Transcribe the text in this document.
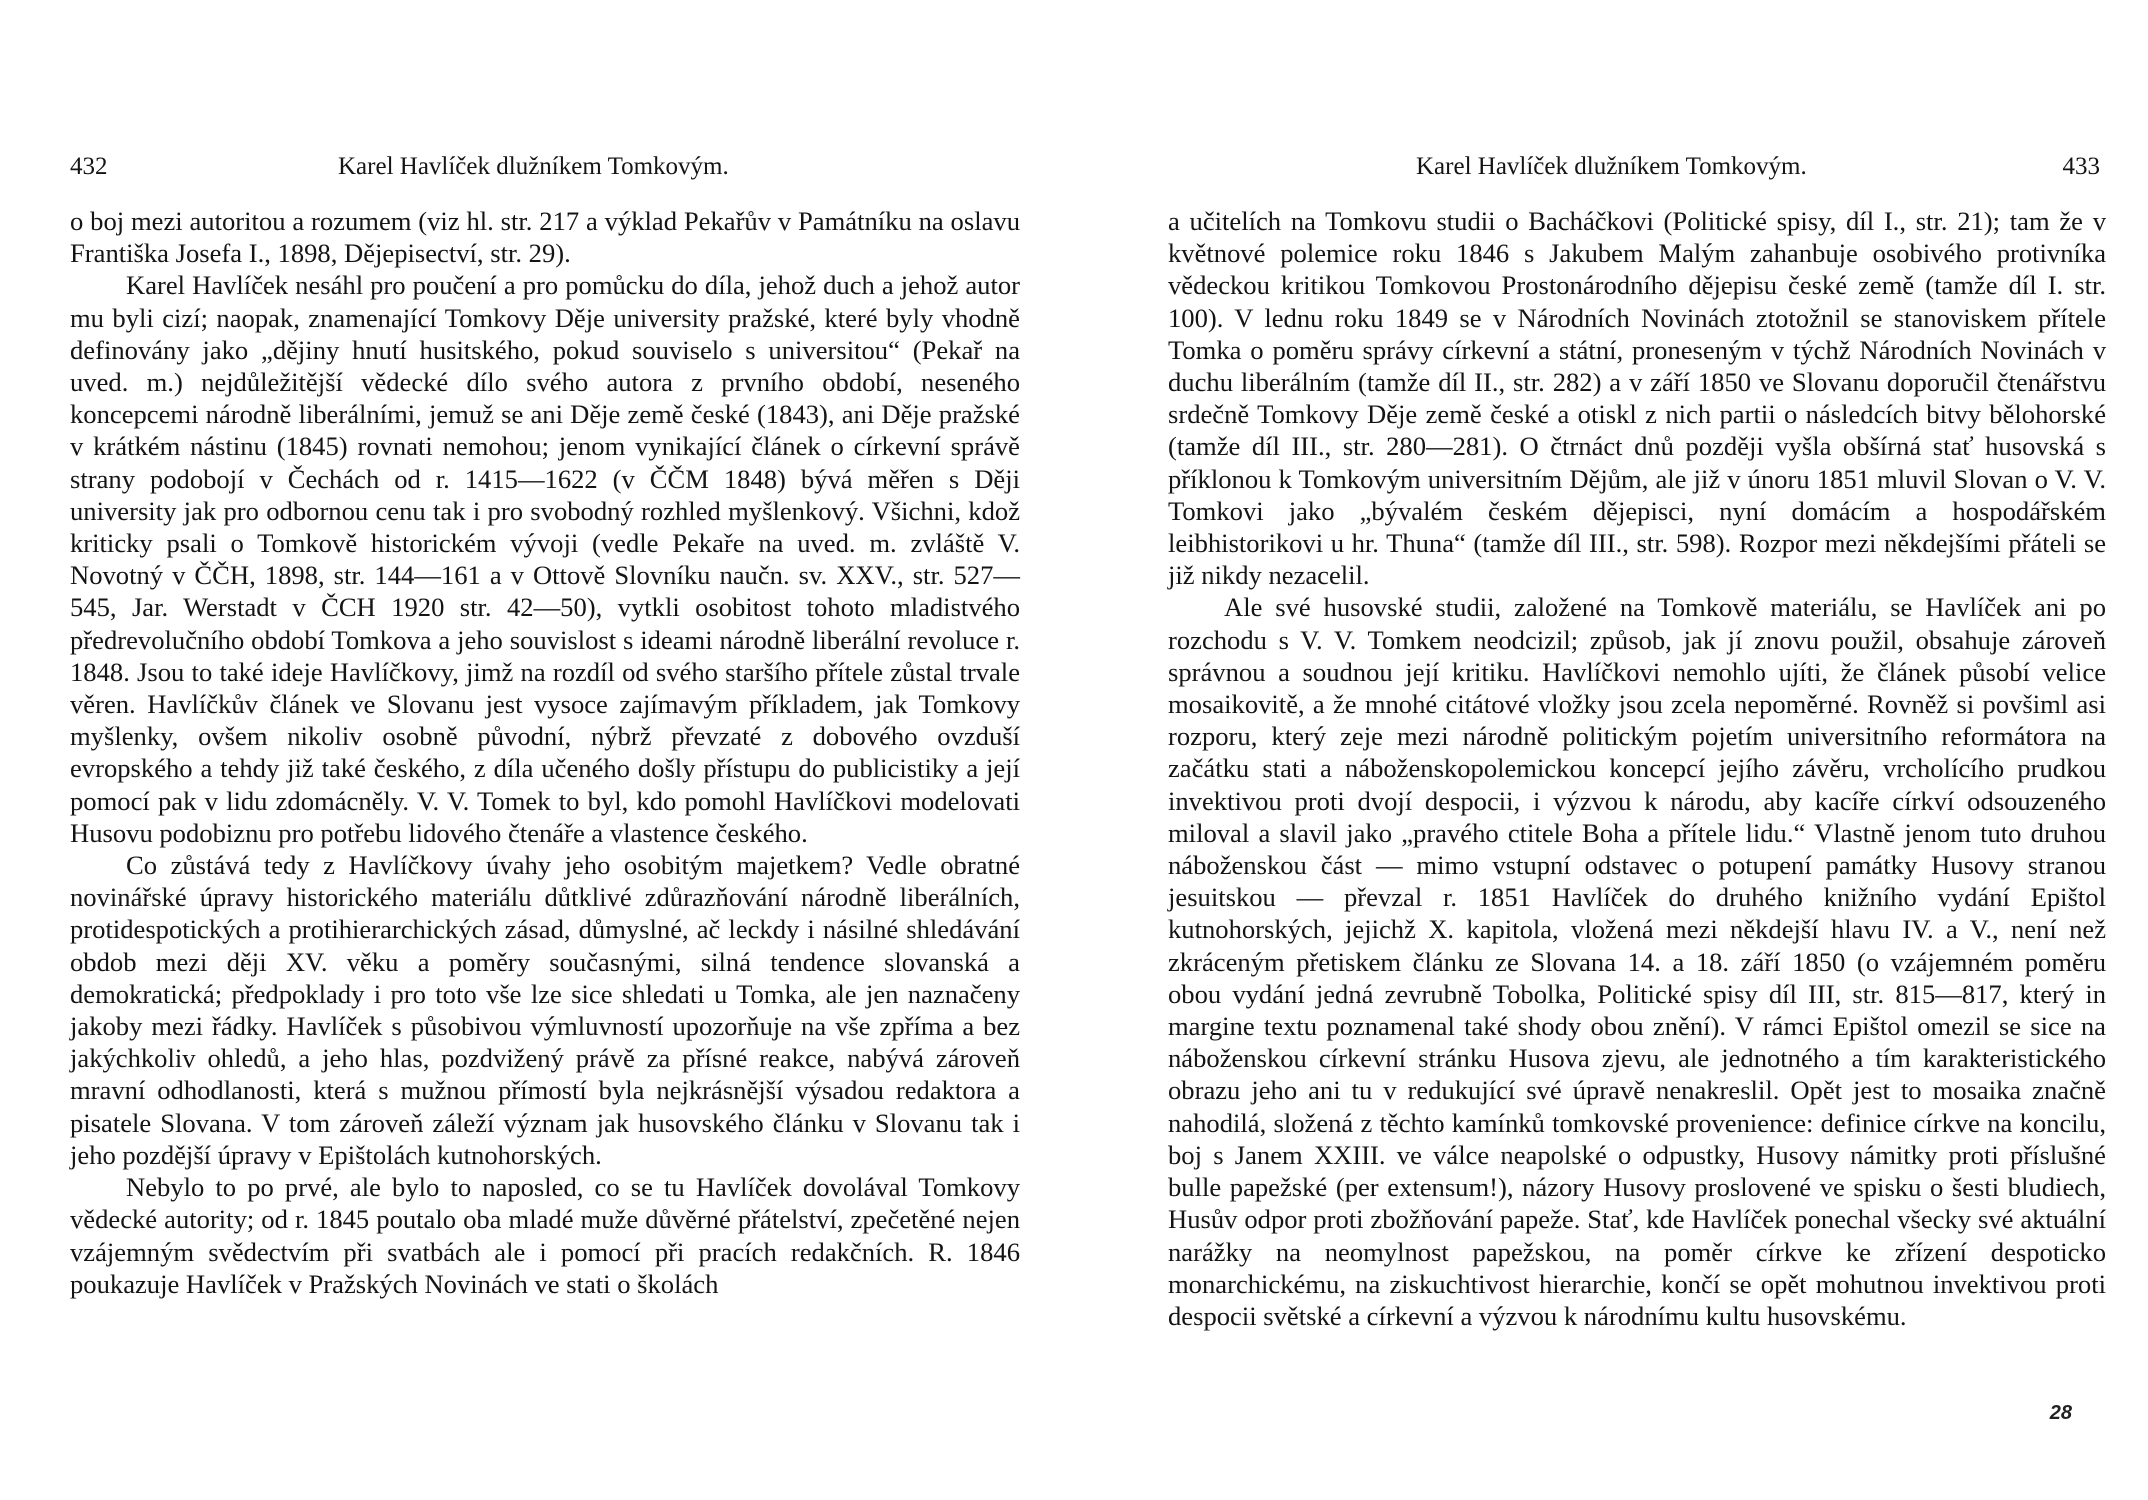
432	Karel Havlíček dlužníkem Tomkovým.

o boj mezi autoritou a rozumem (viz hl. str. 217 a výklad Pekařův v Památníku na oslavu Františka Josefa I., 1898, Dějepisectví, str. 29).

Karel Havlíček nesáhl pro poučení a pro pomůcku do díla, jehož duch a jehož autor mu byli cizí; naopak, znamenající Tomkovy Děje university pražské, které byly vhodně definovány jako „dějiny hnutí husitského, pokud souviselo s universitou“ (Pekař na uved. m.) nejdůležitější vědecké dílo svého autora z prvního období, neseného koncepcemi národně liberálními, jemuž se ani Děje země české (1843), ani Děje pražské v krátkém nástinu (1845) rovnati nemohou; jenom vynikající článek o církevní správě strany podobojí v Čechách od r. 1415—1622 (v ČČM 1848) bývá měřen s Ději university jak pro odbornou cenu tak i pro svobodný rozhled myšlenkový. Všichni, kdož kriticky psali o Tomkově historickém vývoji (vedle Pekaře na uved. m. zvláště V. Novotný v ČČH, 1898, str. 144—161 a v Ottově Slovníku naučn. sv. XXV., str. 527—545, Jar. Werstadt v ČCH 1920 str. 42—50), vytkli osobitost tohoto mladistvého předrevolučního období Tomkova a jeho souvislost s ideami národně liberální revoluce r. 1848. Jsou to také ideje Havlíčkovy, jimž na rozdíl od svého staršího přítele zůstal trvale věren. Havlíčkův článek ve Slovanu jest vysoce zajímavým příkladem, jak Tomkovy myšlenky, ovšem nikoliv osobně původní, nýbrž převzaté z dobového ovzduší evropského a tehdy již také českého, z díla učeného došly přístupu do publicistiky a její pomocí pak v lidu zdomácněly. V. V. Tomek to byl, kdo pomohl Havlíčkovi modelovati Husovu podobiznu pro potřebu lidového čtenáře a vlastence českého.

Co zůstává tedy z Havlíčkovy úvahy jeho osobitým majetkem? Vedle obratné novinářské úpravy historického materiálu důtklivé zdůrazňování národně liberálních, protidespotických a protihierarchických zásad, důmyslné, ač leckdy i násilné shledávání obdob mezi ději XV. věku a poměry současnými, silná tendence slovanská a demokratická; předpoklady i pro toto vše lze sice shledati u Tomka, ale jen naznačeny jakoby mezi řádky. Havlíček s působivou výmluvností upozorňuje na vše zpříma a bez jakýchkoliv ohledů, a jeho hlas, pozdvižený právě za přísné reakce, nabývá zároveň mravní odhodlanosti, která s mužnou přímostí byla nejkrásnější výsadou redaktora a pisatele Slovana. V tom zároveň záleží význam jak husovského článku v Slovanu tak i jeho pozdější úpravy v Epištolách kutnohorských.

Nebylo to po prvé, ale bylo to naposled, co se tu Havlíček dovolával Tomkovy vědecké autority; od r. 1845 poutalo oba mladé muže důvěrné přátelství, zpečetěné nejen vzájemným svědectvím při svatbách ale i pomocí při pracích redakčních. R. 1846 poukazuje Havlíček v Pražských Novinách ve stati o školách

Karel Havlíček dlužníkem Tomkovým.	433

a učitelích na Tomkovu studii o Bacháčkovi (Politické spisy, díl I., str. 21); tam že v květnové polemice roku 1846 s Jakubem Malým zahanbuje osobivého protivníka vědeckou kritikou Tomkovou Prostonárodního dějepisu české země (tamže díl I. str. 100). V lednu roku 1849 se v Národních Novinách ztotožnil se stanoviskem přítele Tomka o poměru správy církevní a státní, proneseným v týchž Národních Novinách v duchu liberálním (tamže díl II., str. 282) a v září 1850 ve Slovanu doporučil čtenářstvu srdečně Tomkovy Děje země české a otiskl z nich partii o následcích bitvy bělohorské (tamže díl III., str. 280—281). O čtrnáct dnů později vyšla obšírná stať husovská s příklonou k Tomkovým universitním Dějům, ale již v únoru 1851 mluvil Slovan o V. V. Tomkovi jako „bývalém českém dějepisci, nyní domácím a hospodářském leibhistorikovi u hr. Thuna“ (tamže díl III., str. 598). Rozpor mezi někdejšími přáteli se již nikdy nezacelil.

Ale své husovské studii, založené na Tomkově materiálu, se Havlíček ani po rozchodu s V. V. Tomkem neodcizil; způsob, jak jí znovu použil, obsahuje zároveň správnou a soudnou její kritiku. Havlíčkovi nemohlo ujíti, že článek působí velice mosaikovitě, a že mnohé citátové vložky jsou zcela nepoměrné. Rovněž si povšiml asi rozporu, který zeje mezi národně politickým pojetím universitního reformátora na začátku stati a náboženskopolemickou koncepcí jejího závěru, vrcholícího prudkou invektivou proti dvojí despocii, i výzvou k národu, aby kacíře církví odsouzeného miloval a slavil jako „pravého ctitele Boha a přítele lidu.“ Vlastně jenom tuto druhou náboženskou část — mimo vstupní odstavec o potupení památky Husovy stranou jesuitskou — převzal r. 1851 Havlíček do druhého knižního vydání Epištol kutnohorských, jejichž X. kapitola, vložená mezi někdejší hlavu IV. a V., není než zkráceným přetiskem článku ze Slovana 14. a 18. září 1850 (o vzájemném poměru obou vydání jedná zevrubně Tobolka, Politické spisy díl III, str. 815—817, který in margine textu poznamenal také shody obou znění). V rámci Epištol omezil se sice na náboženskou církevní stránku Husova zjevu, ale jednotného a tím karakteristického obrazu jeho ani tu v redukující své úpravě nenakreslil. Opět jest to mosaika značně nahodilá, složená z těchto kamínků tomkovské provenience: definice církve na koncilu, boj s Janem XXIII. ve válce neapolské o odpustky, Husovy námitky proti příslušné bulle papežské (per extensum!), názory Husovy proslovené ve spisku o šesti bludiech, Husův odpor proti zbožňování papeže. Stať, kde Havlíček ponechal všecky své aktuální narážky na neomylnost papežskou, na poměr církve ke zřízení despoticko monarchickému, na ziskuchtivost hierarchie, končí se opět mohutnou invektivou proti despocii světské a církevní a výzvou k národnímu kultu husovskému.

28
